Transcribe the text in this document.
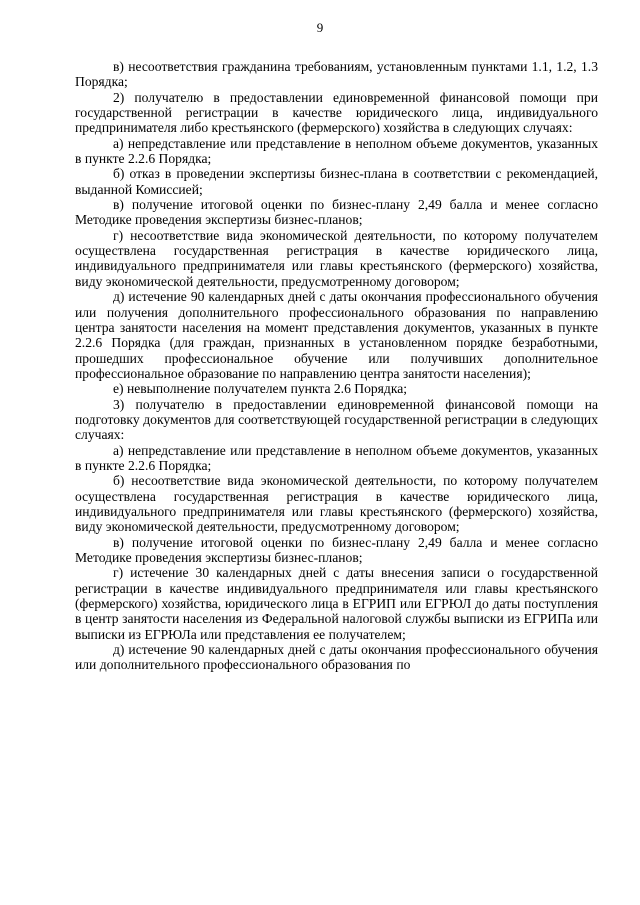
9

в) несоответствия гражданина требованиям, установленным пунктами 1.1, 1.2, 1.3 Порядка;

2) получателю в предоставлении единовременной финансовой помощи при государственной регистрации в качестве юридического лица, индивидуального предпринимателя либо крестьянского (фермерского) хозяйства в следующих случаях:

а) непредставление или представление в неполном объеме документов, указанных в пункте 2.2.6 Порядка;

б) отказ в проведении экспертизы бизнес-плана в соответствии с рекомендацией, выданной Комиссией;

в) получение итоговой оценки по бизнес-плану 2,49 балла и менее согласно Методике проведения экспертизы бизнес-планов;

г) несоответствие вида экономической деятельности, по которому получателем осуществлена государственная регистрация в качестве юридического лица, индивидуального предпринимателя или главы крестьянского (фермерского) хозяйства, виду экономической деятельности, предусмотренному договором;

д) истечение 90 календарных дней с даты окончания профессионального обучения или получения дополнительного профессионального образования по направлению центра занятости населения на момент представления документов, указанных в пункте 2.2.6 Порядка (для граждан, признанных в установленном порядке безработными, прошедших профессиональное обучение или получивших дополнительное профессиональное образование по направлению центра занятости населения);

е) невыполнение получателем пункта 2.6 Порядка;

3) получателю в предоставлении единовременной финансовой помощи на подготовку документов для соответствующей государственной регистрации в следующих случаях:

а) непредставление или представление в неполном объеме документов, указанных в пункте 2.2.6 Порядка;

б) несоответствие вида экономической деятельности, по которому получателем осуществлена государственная регистрация в качестве юридического лица, индивидуального предпринимателя или главы крестьянского (фермерского) хозяйства, виду экономической деятельности, предусмотренному договором;

в) получение итоговой оценки по бизнес-плану 2,49 балла и менее согласно Методике проведения экспертизы бизнес-планов;

г) истечение 30 календарных дней с даты внесения записи о государственной регистрации в качестве индивидуального предпринимателя или главы крестьянского (фермерского) хозяйства, юридического лица в ЕГРИП или ЕГРЮЛ до даты поступления в центр занятости населения из Федеральной налоговой службы выписки из ЕГРИПа или выписки из ЕГРЮЛа или представления ее получателем;

д) истечение 90 календарных дней с даты окончания профессионального обучения или дополнительного профессионального образования по
